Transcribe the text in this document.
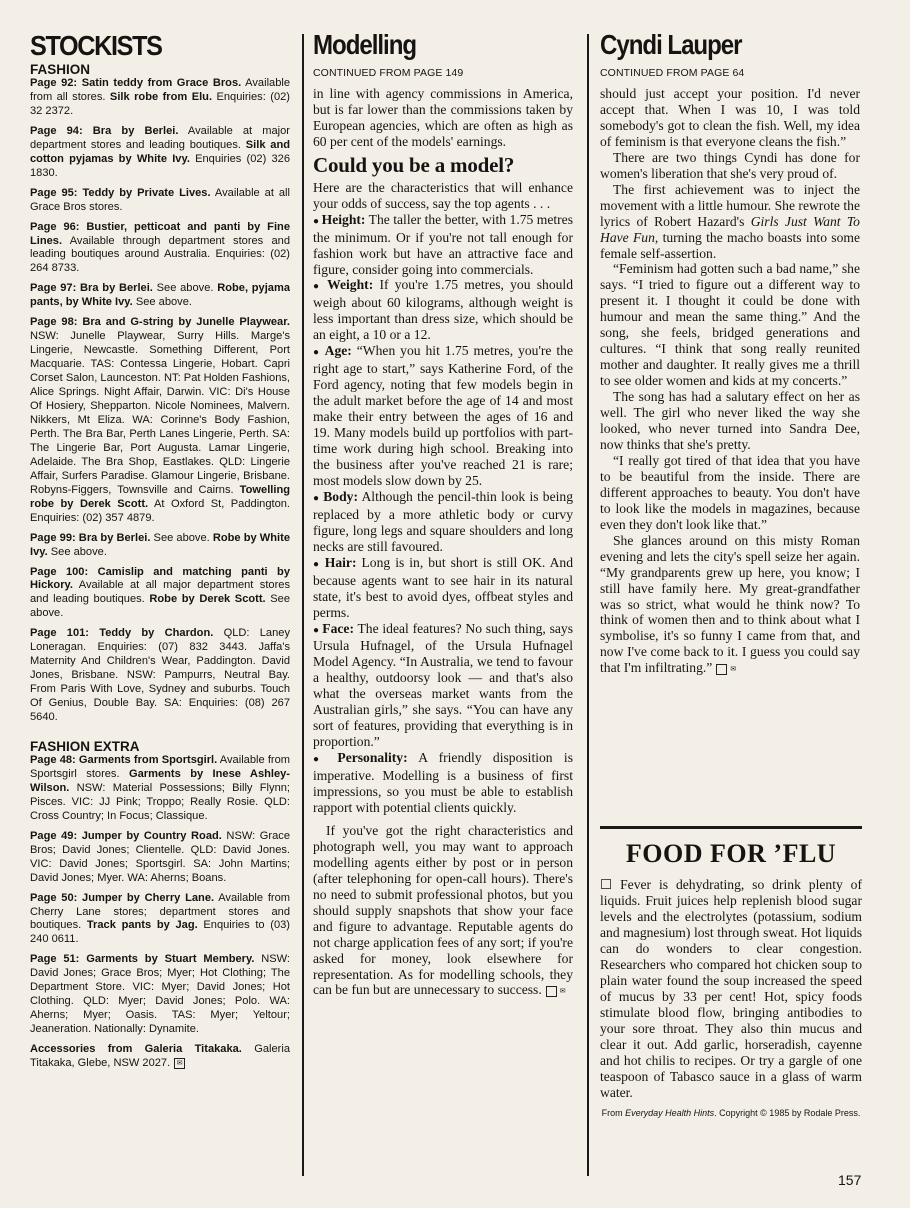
STOCKISTS
FASHION

Page 92: Satin teddy from Grace Bros. Available from all stores. Silk robe from Elu. Enquiries: (02) 32 2372.

Page 94: Bra by Berlei. Available at major department stores and leading boutiques. Silk and cotton pyjamas by White Ivy. Enquiries (02) 326 1830.

Page 95: Teddy by Private Lives. Available at all Grace Bros stores.

Page 96: Bustier, petticoat and panti by Fine Lines. Available through department stores and leading boutiques around Australia. Enquiries: (02) 264 8733.

Page 97: Bra by Berlei. See above. Robe, pyjama pants, by White Ivy. See above.

Page 98: Bra and G-string by Junelle Playwear. NSW: Junelle Playwear, Surry Hills. Marge's Lingerie, Newcastle. Something Different, Port Macquarie. TAS: Contessa Lingerie, Hobart. Capri Corset Salon, Launceston. NT: Pat Holden Fashions, Alice Springs. Night Affair, Darwin. VIC: Di's House Of Hosiery, Shepparton. Nicole Nominees, Malvern. Nikkers, Mt Eliza. WA: Corinne's Body Fashion, Perth. The Bra Bar, Perth Lanes Lingerie, Perth. SA: The Lingerie Bar, Port Augusta. Lamar Lingerie, Adelaide. The Bra Shop, Eastlakes. QLD: Lingerie Affair, Surfers Paradise. Glamour Lingerie, Brisbane. Robyns-Figgers, Townsville and Cairns. Towelling robe by Derek Scott. At Oxford St, Paddington. Enquiries: (02) 357 4879.

Page 99: Bra by Berlei. See above. Robe by White Ivy. See above.

Page 100: Camislip and matching panti by Hickory. Available at all major department stores and leading boutiques. Robe by Derek Scott. See above.

Page 101: Teddy by Chardon. QLD: Laney Loneragan. Enquiries: (07) 832 3443. Jaffa's Maternity And Children's Wear, Paddington. David Jones, Brisbane. NSW: Pampurrs, Neutral Bay. From Paris With Love, Sydney and suburbs. Touch Of Genius, Double Bay. SA: Enquiries: (08) 267 5640.

FASHION EXTRA

Page 48: Garments from Sportsgirl. Available from Sportsgirl stores. Garments by Inese Ashley-Wilson. NSW: Material Possessions; Billy Flynn; Pisces. VIC: JJ Pink; Troppo; Really Rosie. QLD: Cross Country; In Focus; Classique.

Page 49: Jumper by Country Road. NSW: Grace Bros; David Jones; Clientelle. QLD: David Jones. VIC: David Jones; Sportsgirl. SA: John Martins; David Jones; Myer. WA: Aherns; Boans.

Page 50: Jumper by Cherry Lane. Available from Cherry Lane stores; department stores and boutiques. Track pants by Jag. Enquiries to (03) 240 0611.

Page 51: Garments by Stuart Membery. NSW: David Jones; Grace Bros; Myer; Hot Clothing; The Department Store. VIC: Myer; David Jones; Hot Clothing. QLD: Myer; David Jones; Polo. WA: Aherns; Myer; Oasis. TAS: Myer; Yeltour; Jeaneration. Nationally: Dynamite.

Accessories from Galeria Titakaka. Galeria Titakaka, Glebe, NSW 2027. ✉

Modelling
CONTINUED FROM PAGE 149

in line with agency commissions in America, but is far lower than the commissions taken by European agencies, which are often as high as 60 per cent of the models' earnings.

Could you be a model?

Here are the characteristics that will enhance your odds of success, say the top agents . . .

● Height: The taller the better, with 1.75 metres the minimum. Or if you're not tall enough for fashion work but have an attractive face and figure, consider going into commercials.

● Weight: If you're 1.75 metres, you should weigh about 60 kilograms, although weight is less important than dress size, which should be an eight, a 10 or a 12.

● Age: “When you hit 1.75 metres, you're the right age to start,” says Katherine Ford, of the Ford agency, noting that few models begin in the adult market before the age of 14 and most make their entry between the ages of 16 and 19. Many models build up portfolios with part-time work during high school. Breaking into the business after you've reached 21 is rare; most models slow down by 25.

● Body: Although the pencil-thin look is being replaced by a more athletic body or curvy figure, long legs and square shoulders and long necks are still favoured.

● Hair: Long is in, but short is still OK. And because agents want to see hair in its natural state, it's best to avoid dyes, offbeat styles and perms.

● Face: The ideal features? No such thing, says Ursula Hufnagel, of the Ursula Hufnagel Model Agency. “In Australia, we tend to favour a healthy, outdoorsy look — and that's also what the overseas market wants from the Australian girls,” she says. “You can have any sort of features, providing that everything is in proportion.”

● Personality: A friendly disposition is imperative. Modelling is a business of first impressions, so you must be able to establish rapport with potential clients quickly.

If you've got the right characteristics and photograph well, you may want to approach modelling agents either by post or in person (after telephoning for open-call hours). There's no need to submit professional photos, but you should supply snapshots that show your face and figure to advantage. Reputable agents do not charge application fees of any sort; if you're asked for money, look elsewhere for representation. As for modelling schools, they can be fun but are unnecessary to success.	✉

Cyndi Lauper
CONTINUED FROM PAGE 64

should just accept your position. I'd never accept that. When I was 10, I was told somebody's got to clean the fish. Well, my idea of feminism is that everyone cleans the fish.”

There are two things Cyndi has done for women's liberation that she's very proud of.

The first achievement was to inject the movement with a little humour. She rewrote the lyrics of Robert Hazard's Girls Just Want To Have Fun, turning the macho boasts into some female self-assertion.

“Feminism had gotten such a bad name,” she says. “I tried to figure out a different way to present it. I thought it could be done with humour and mean the same thing.” And the song, she feels, bridged generations and cultures. “I think that song really reunited mother and daughter. It really gives me a thrill to see older women and kids at my concerts.”

The song has had a salutary effect on her as well. The girl who never liked the way she looked, who never turned into Sandra Dee, now thinks that she's pretty.

“I really got tired of that idea that you have to be beautiful from the inside. There are different approaches to beauty. You don't have to look like the models in magazines, because even they don't look like that.”

She glances around on this misty Roman evening and lets the city's spell seize her again. “My grandparents grew up here, you know; I still have family here. My great-grandfather was so strict, what would he think now? To think of women then and to think about what I symbolise, it's so funny I came from that, and now I've come back to it. I guess you could say that I'm infiltrating.”	✉

FOOD FOR ’FLU

☐ Fever is dehydrating, so drink plenty of liquids. Fruit juices help replenish blood sugar levels and the electrolytes (potassium, sodium and magnesium) lost through sweat. Hot liquids can do wonders to clear congestion. Researchers who compared hot chicken soup to plain water found the soup increased the speed of mucus by 33 per cent! Hot, spicy foods stimulate blood flow, bringing antibodies to your sore throat. They also thin mucus and clear it out. Add garlic, horseradish, cayenne and hot chilis to recipes. Or try a gargle of one teaspoon of Tabasco sauce in a glass of warm water.

From Everyday Health Hints. Copyright © 1985 by Rodale Press.
157
